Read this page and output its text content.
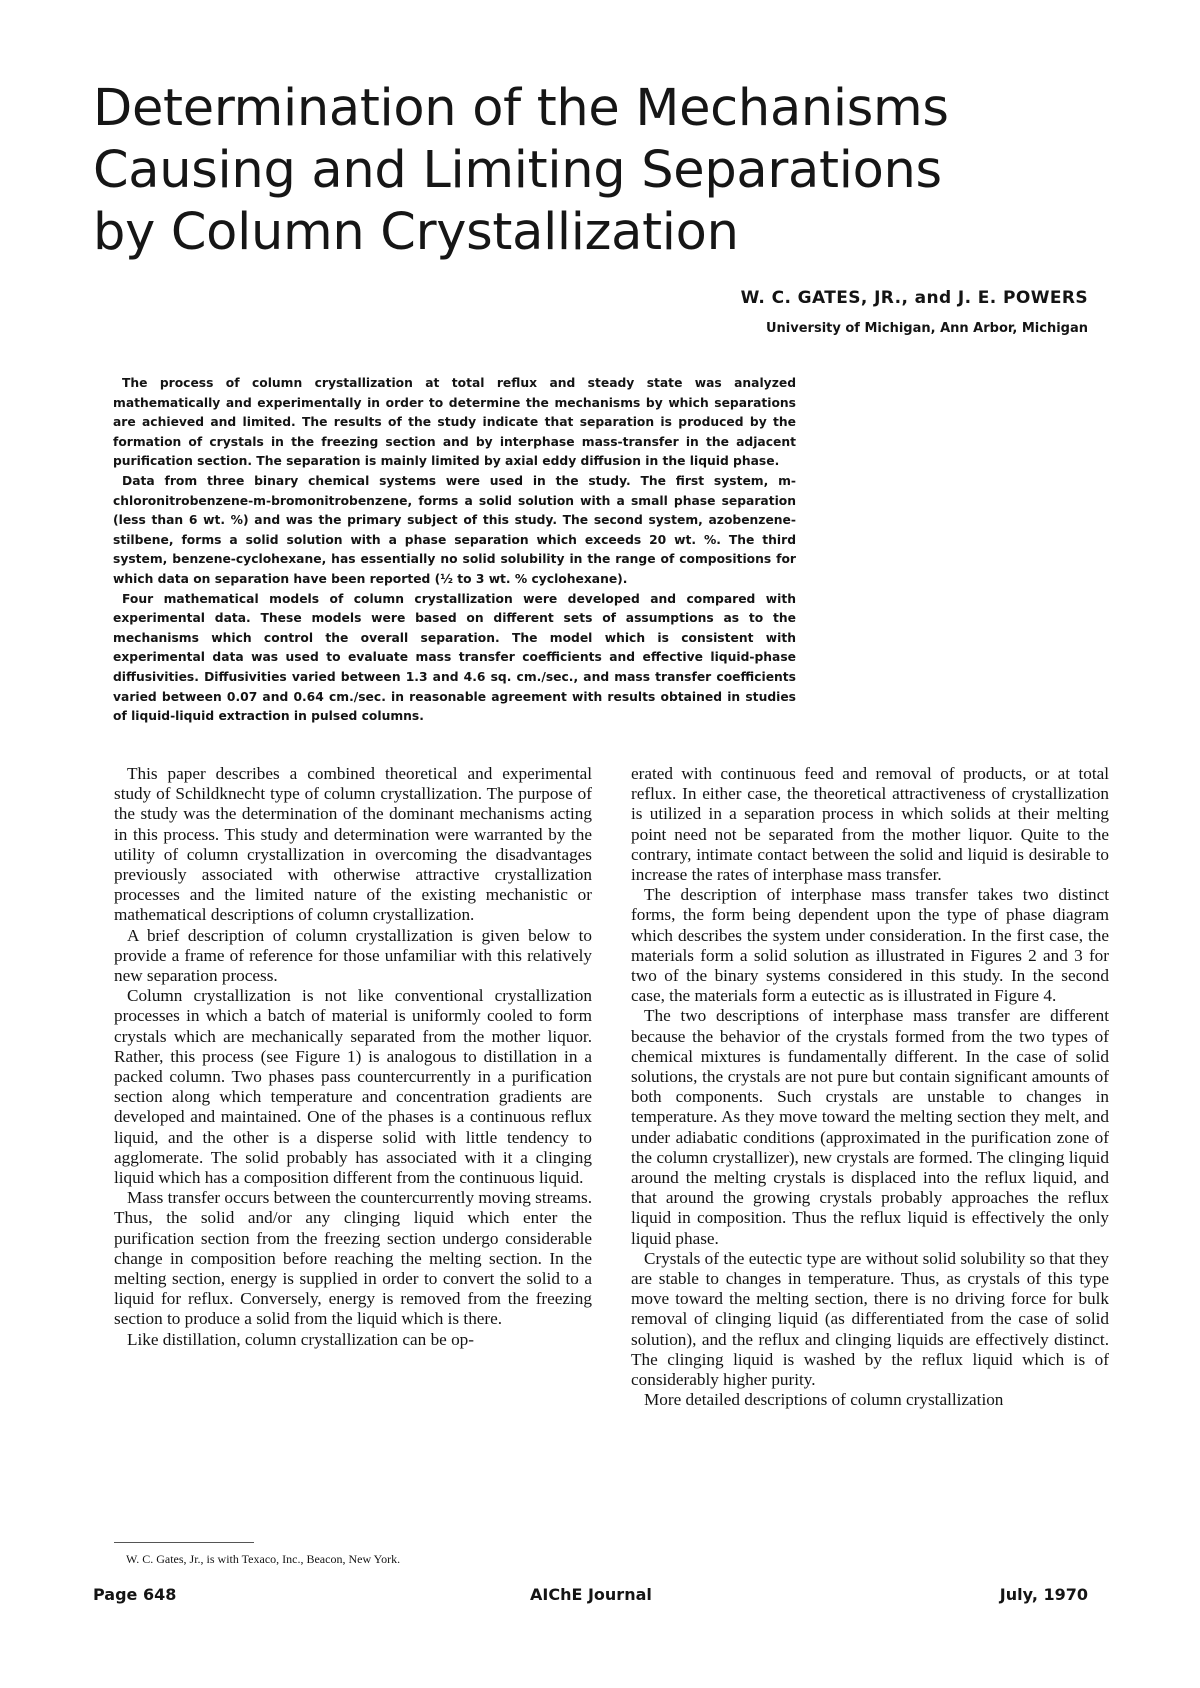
Determination of the Mechanisms
Causing and Limiting Separations
by Column Crystallization
W. C. GATES, JR., and J. E. POWERS
University of Michigan, Ann Arbor, Michigan

The process of column crystallization at total reflux and steady state was analyzed mathematically and experimentally in order to determine the mechanisms by which separations are achieved and limited. The results of the study indicate that separation is produced by the formation of crystals in the freezing section and by interphase mass-transfer in the adjacent purification section. The separation is mainly limited by axial eddy diffusion in the liquid phase.

Data from three binary chemical systems were used in the study. The first system, m-chloronitrobenzene-m-bromonitrobenzene, forms a solid solution with a small phase separation (less than 6 wt. %) and was the primary subject of this study. The second system, azobenzene-stilbene, forms a solid solution with a phase separation which exceeds 20 wt. %. The third system, benzene-cyclohexane, has essentially no solid solubility in the range of compositions for which data on separation have been reported (½ to 3 wt. % cyclohexane).

Four mathematical models of column crystallization were developed and compared with experimental data. These models were based on different sets of assumptions as to the mechanisms which control the overall separation. The model which is consistent with experimental data was used to evaluate mass transfer coefficients and effective liquid-phase diffusivities. Diffusivities varied between 1.3 and 4.6 sq. cm./sec., and mass transfer coefficients varied between 0.07 and 0.64 cm./sec. in reasonable agreement with results obtained in studies of liquid-liquid extraction in pulsed columns.

This paper describes a combined theoretical and experimental study of Schildknecht type of column crystallization. The purpose of the study was the determination of the dominant mechanisms acting in this process. This study and determination were warranted by the utility of column crystallization in overcoming the disadvantages previously associated with otherwise attractive crystallization processes and the limited nature of the existing mechanistic or mathematical descriptions of column crystallization.

A brief description of column crystallization is given below to provide a frame of reference for those unfamiliar with this relatively new separation process.

Column crystallization is not like conventional crystallization processes in which a batch of material is uniformly cooled to form crystals which are mechanically separated from the mother liquor. Rather, this process (see Figure 1) is analogous to distillation in a packed column. Two phases pass countercurrently in a purification section along which temperature and concentration gradients are developed and maintained. One of the phases is a continuous reflux liquid, and the other is a disperse solid with little tendency to agglomerate. The solid probably has associated with it a clinging liquid which has a composition different from the continuous liquid.

Mass transfer occurs between the countercurrently moving streams. Thus, the solid and/or any clinging liquid which enter the purification section from the freezing section undergo considerable change in composition before reaching the melting section. In the melting section, energy is supplied in order to convert the solid to a liquid for reflux. Conversely, energy is removed from the freezing section to produce a solid from the liquid which is there.

Like distillation, column crystallization can be op-

erated with continuous feed and removal of products, or at total reflux. In either case, the theoretical attractiveness of crystallization is utilized in a separation process in which solids at their melting point need not be separated from the mother liquor. Quite to the contrary, intimate contact between the solid and liquid is desirable to increase the rates of interphase mass transfer.

The description of interphase mass transfer takes two distinct forms, the form being dependent upon the type of phase diagram which describes the system under consideration. In the first case, the materials form a solid solution as illustrated in Figures 2 and 3 for two of the binary systems considered in this study. In the second case, the materials form a eutectic as is illustrated in Figure 4.

The two descriptions of interphase mass transfer are different because the behavior of the crystals formed from the two types of chemical mixtures is fundamentally different. In the case of solid solutions, the crystals are not pure but contain significant amounts of both components. Such crystals are unstable to changes in temperature. As they move toward the melting section they melt, and under adiabatic conditions (approximated in the purification zone of the column crystallizer), new crystals are formed. The clinging liquid around the melting crystals is displaced into the reflux liquid, and that around the growing crystals probably approaches the reflux liquid in composition. Thus the reflux liquid is effectively the only liquid phase.

Crystals of the eutectic type are without solid solubility so that they are stable to changes in temperature. Thus, as crystals of this type move toward the melting section, there is no driving force for bulk removal of clinging liquid (as differentiated from the case of solid solution), and the reflux and clinging liquids are effectively distinct. The clinging liquid is washed by the reflux liquid which is of considerably higher purity.

More detailed descriptions of column crystallization

W. C. Gates, Jr., is with Texaco, Inc., Beacon, New York.
Page 648	AIChE Journal	July, 1970
